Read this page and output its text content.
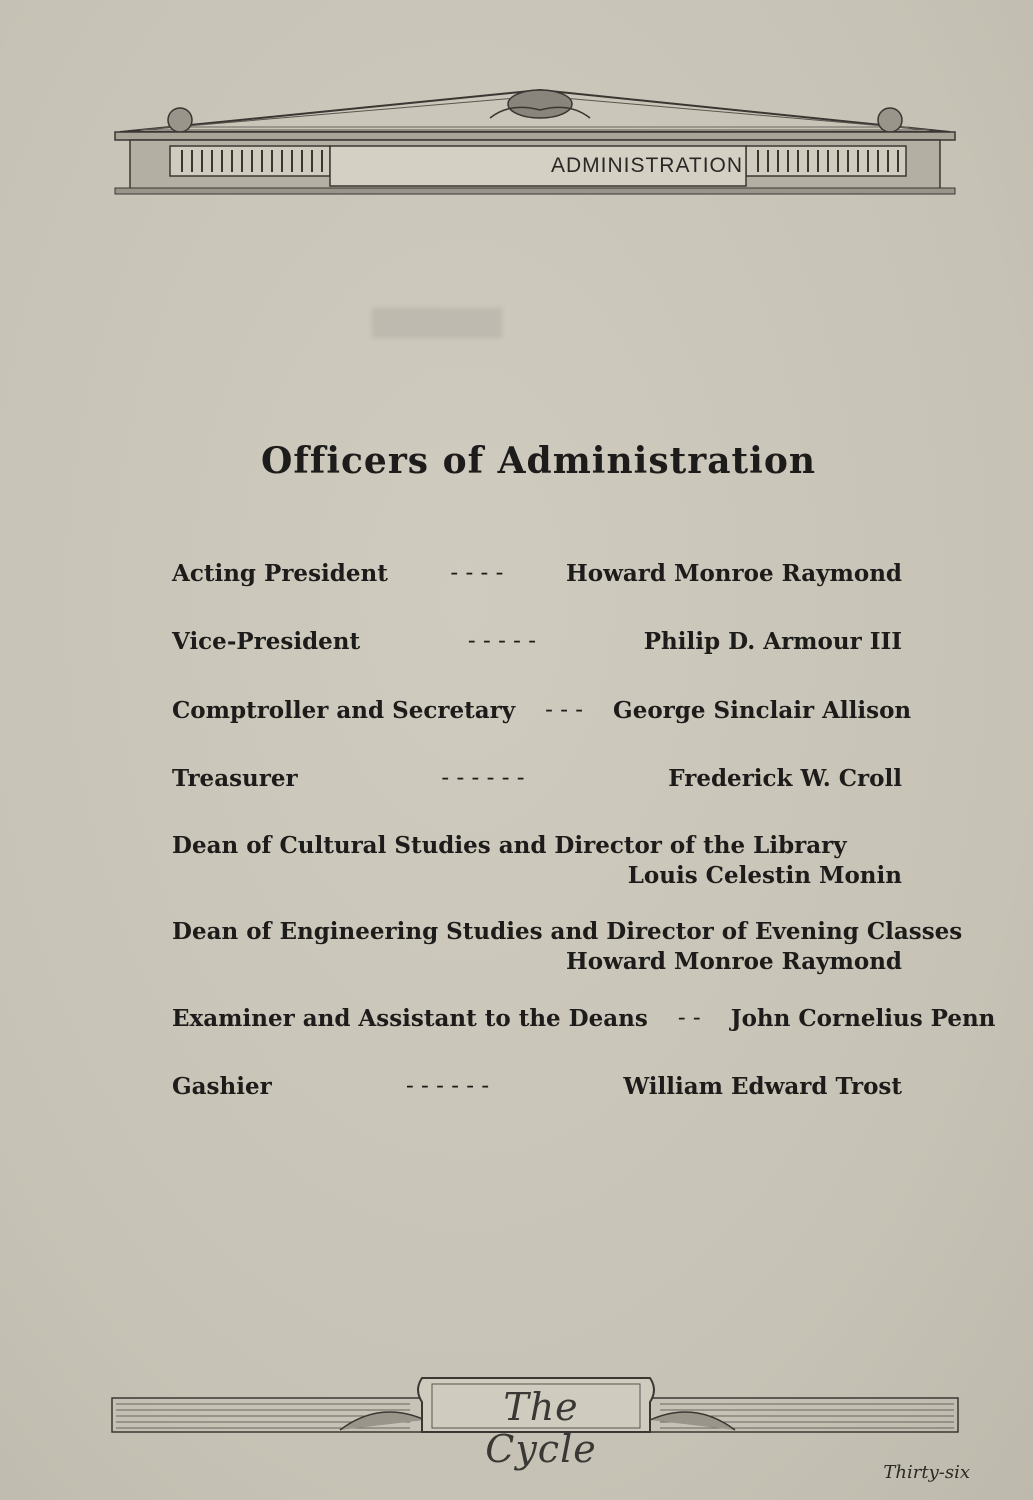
ADMINISTRATION
Officers of Administration
Acting President	- - - -	Howard Monroe Raymond
Vice-President	- - - - -	Philip D. Armour III
Comptroller and Secretary	- - -	George Sinclair Allison
Treasurer	- - - - - -	Frederick W. Croll
Dean of Cultural Studies and Director of the Library
Louis Celestin Monin
Dean of Engineering Studies and Director of Evening Classes
Howard Monroe Raymond
Examiner and Assistant to the Deans	- -	John Cornelius Penn
Gashier	- - - - - -	William Edward Trost
The Cycle
Thirty-six
